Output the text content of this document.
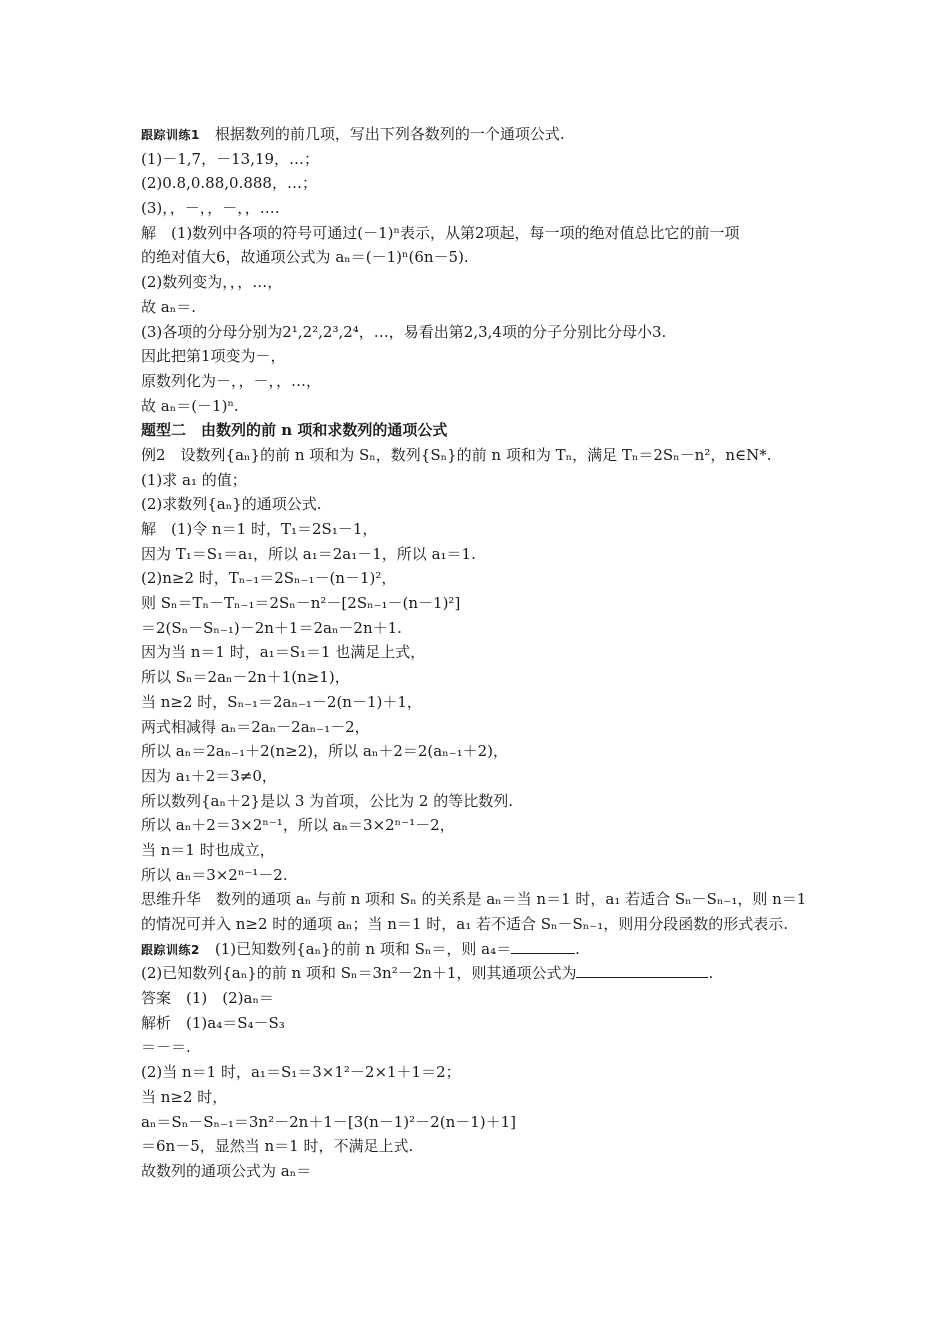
跟踪训练1　根据数列的前几项，写出下列各数列的一个通项公式.
(1)－1,7，－13,19，…；
(2)0.8,0.88,0.888，…；
(3)，，－，，－，，….
解　(1)数列中各项的符号可通过(－1)ⁿ表示，从第2项起，每一项的绝对值总比它的前一项
的绝对值大6，故通项公式为 aₙ＝(－1)ⁿ(6n－5).
(2)数列变为，，，…，
故 aₙ＝.
(3)各项的分母分别为2¹,2²,2³,2⁴，…，易看出第2,3,4项的分子分别比分母小3.
因此把第1项变为－，
原数列化为－，，－，，…，
故 aₙ＝(－1)ⁿ.
题型二　由数列的前 n 项和求数列的通项公式
例2　设数列{aₙ}的前 n 项和为 Sₙ，数列{Sₙ}的前 n 项和为 Tₙ，满足 Tₙ＝2Sₙ－n²，n∈N*.
(1)求 a₁ 的值；
(2)求数列{aₙ}的通项公式.
解　(1)令 n＝1 时，T₁＝2S₁－1，
因为 T₁＝S₁＝a₁，所以 a₁＝2a₁－1，所以 a₁＝1.
(2)n≥2 时，Tₙ₋₁＝2Sₙ₋₁－(n－1)²，
则 Sₙ＝Tₙ－Tₙ₋₁＝2Sₙ－n²－[2Sₙ₋₁－(n－1)²]
＝2(Sₙ－Sₙ₋₁)－2n＋1＝2aₙ－2n＋1.
因为当 n＝1 时，a₁＝S₁＝1 也满足上式，
所以 Sₙ＝2aₙ－2n＋1(n≥1)，
当 n≥2 时，Sₙ₋₁＝2aₙ₋₁－2(n－1)＋1，
两式相减得 aₙ＝2aₙ－2aₙ₋₁－2，
所以 aₙ＝2aₙ₋₁＋2(n≥2)，所以 aₙ＋2＝2(aₙ₋₁＋2)，
因为 a₁＋2＝3≠0，
所以数列{aₙ＋2}是以 3 为首项，公比为 2 的等比数列.
所以 aₙ＋2＝3×2ⁿ⁻¹，所以 aₙ＝3×2ⁿ⁻¹－2，
当 n＝1 时也成立，
所以 aₙ＝3×2ⁿ⁻¹－2.
思维升华　数列的通项 aₙ 与前 n 项和 Sₙ 的关系是 aₙ＝当 n＝1 时，a₁ 若适合 Sₙ－Sₙ₋₁，则 n＝1
的情况可并入 n≥2 时的通项 aₙ；当 n＝1 时，a₁ 若不适合 Sₙ－Sₙ₋₁，则用分段函数的形式表示.
跟踪训练2　(1)已知数列{aₙ}的前 n 项和 Sₙ＝，则 a₄＝	.
(2)已知数列{aₙ}的前 n 项和 Sₙ＝3n²－2n＋1，则其通项公式为	.
答案　(1)　(2)aₙ＝
解析　(1)a₄＝S₄－S₃
＝－＝.
(2)当 n＝1 时，a₁＝S₁＝3×1²－2×1＋1＝2；
当 n≥2 时，
aₙ＝Sₙ－Sₙ₋₁＝3n²－2n＋1－[3(n－1)²－2(n－1)＋1]
＝6n－5，显然当 n＝1 时，不满足上式.
故数列的通项公式为 aₙ＝
